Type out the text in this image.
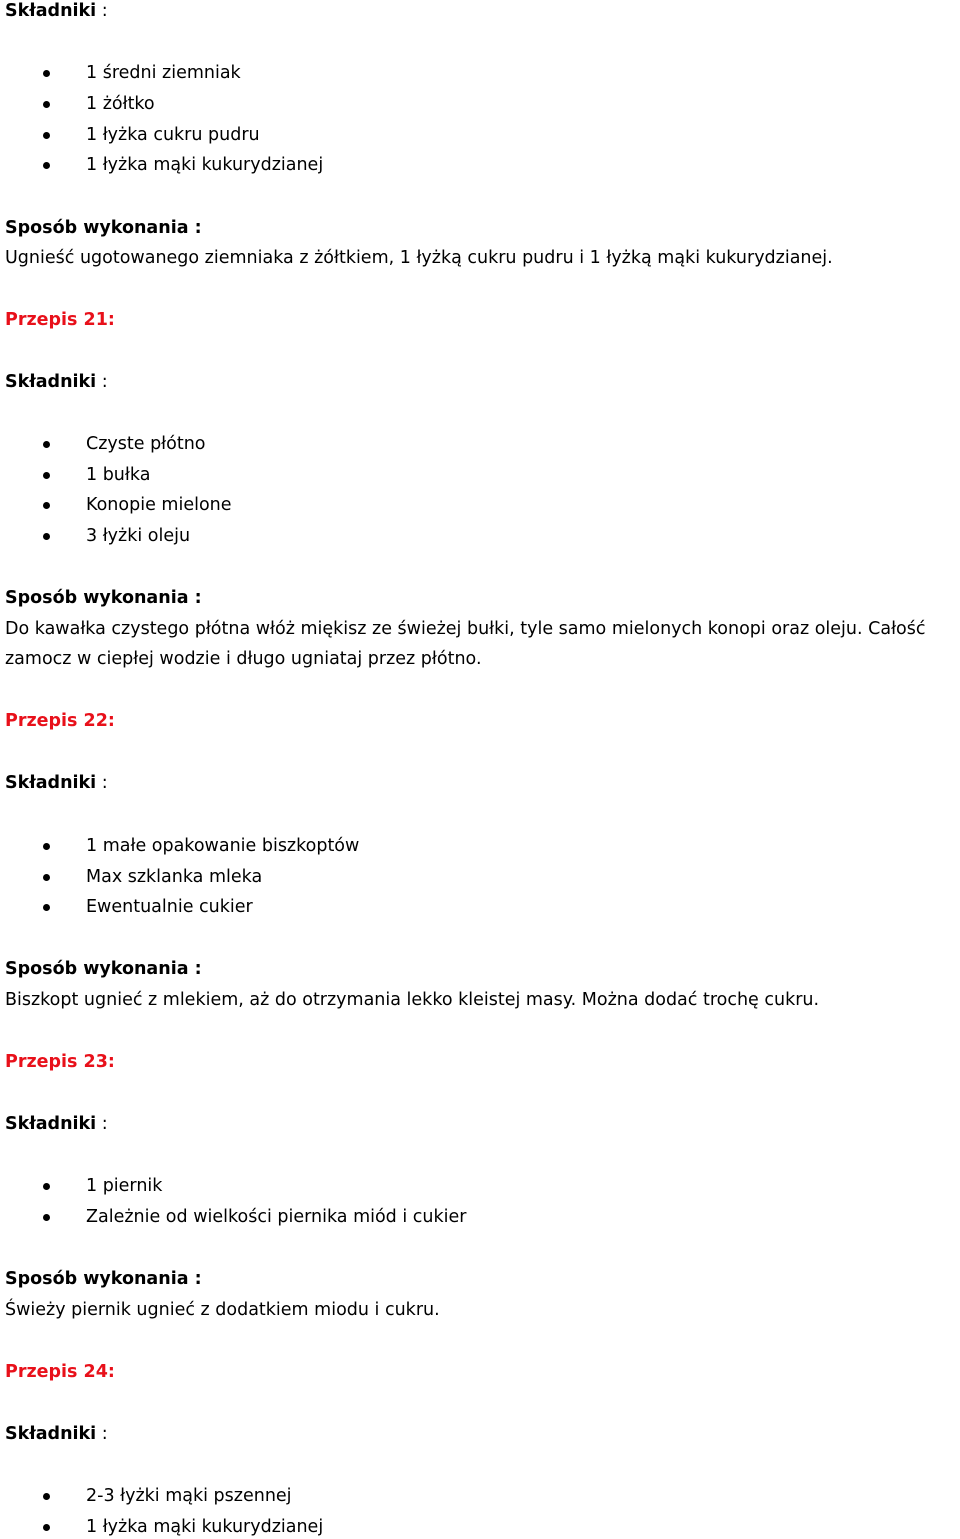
Składniki :
1 średni ziemniak
1 żółtko
1 łyżka cukru pudru
1 łyżka mąki kukurydzianej
Sposób wykonania :
Ugnieść ugotowanego ziemniaka z żółtkiem, 1 łyżką cukru pudru i 1 łyżką mąki kukurydzianej.
Przepis 21:
Składniki :
Czyste płótno
1 bułka
Konopie mielone
3 łyżki oleju
Sposób wykonania :
Do kawałka czystego płótna włóż miękisz ze świeżej bułki, tyle samo mielonych konopi oraz oleju. Całość
zamocz w ciepłej wodzie i długo ugniataj przez płótno.
Przepis 22:
Składniki :
1 małe opakowanie biszkoptów
Max szklanka mleka
Ewentualnie cukier
Sposób wykonania :
Biszkopt ugnieć z mlekiem, aż do otrzymania lekko kleistej masy. Można dodać trochę cukru.
Przepis 23:
Składniki :
1 piernik
Zależnie od wielkości piernika miód i cukier
Sposób wykonania :
Świeży piernik ugnieć z dodatkiem miodu i cukru.
Przepis 24:
Składniki :
2-3 łyżki mąki pszennej
1 łyżka mąki kukurydzianej
